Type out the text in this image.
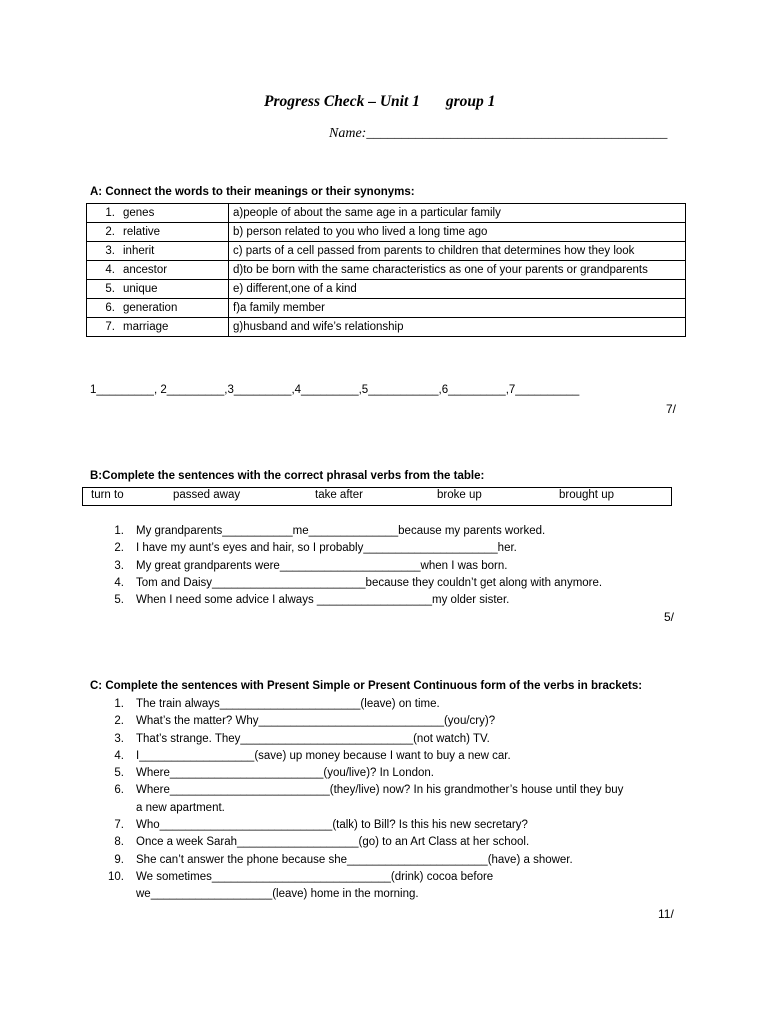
Progress Check – Unit 1 group 1
Name:___________________________________________
A: Connect the words to their meanings or their synonyms:
1. genes	a)people of about the same age in a particular family
2. relative	b) person related to you who lived a long time ago
3. inherit	c) parts of a cell passed from parents to children that determines how they look
4. ancestor	d)to be born with the same characteristics as one of your parents or grandparents
5. unique	e) different,one of a kind
6. generation	f)a family member
7. marriage	g)husband and wife’s relationship
1_________, 2_________,3_________,4_________,5___________,6_________,7__________
7/
B:Complete the sentences with the correct phrasal verbs from the table:
turn to	passed away	take after	broke up	brought up
1. My grandparents___________me______________because my parents worked.
2. I have my aunt’s eyes and hair, so I probably_____________________her.
3. My great grandparents were______________________when I was born.
4. Tom and Daisy________________________because they couldn’t get along with anymore.
5. When I need some advice I always __________________my older sister.
5/
C: Complete the sentences with Present Simple or Present Continuous form of the verbs in brackets:
1. The train always______________________(leave) on time.
2. What’s the matter? Why_____________________________(you/cry)?
3. That’s strange. They___________________________(not watch) TV.
4. I__________________(save) up money because I want to buy a new car.
5. Where________________________(you/live)? In London.
6. Where_________________________(they/live) now? In his grandmother’s house until they buy
a new apartment.
7. Who___________________________(talk) to Bill? Is this his new secretary?
8. Once a week Sarah___________________(go) to an Art Class at her school.
9. She can’t answer the phone because she______________________(have) a shower.
10. We sometimes____________________________(drink) cocoa before
we___________________(leave) home in the morning.
11/
